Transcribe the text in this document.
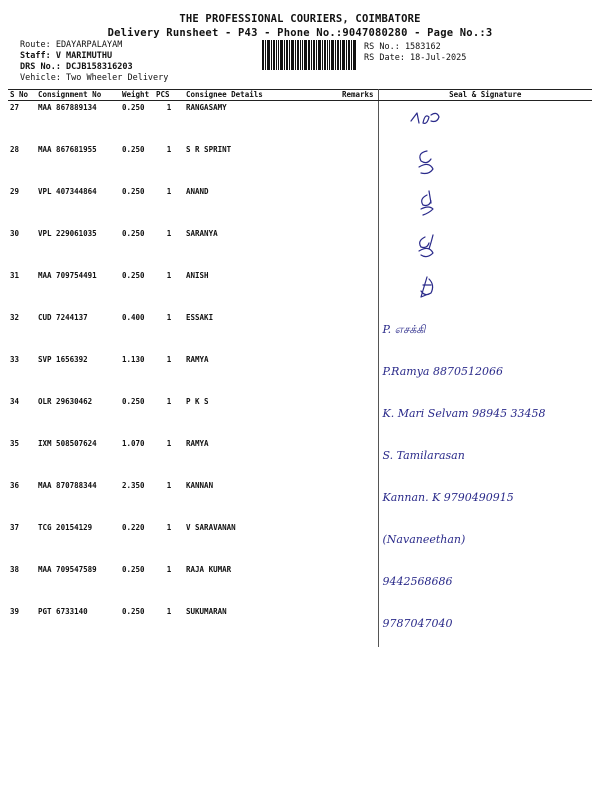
THE PROFESSIONAL COURIERS, COIMBATORE
Delivery Runsheet - P43 - Phone No.:9047080280 - Page No.:3
Route: EDAYARPALAYAM
Staff: V MARIMUTHU
DRS No.: DCJB158316203
Vehicle: Two Wheeler Delivery
RS No.: 1583162
RS Date: 18-Jul-2025
S No	Consignment No	Weight	PCS	Consignee Details	Remarks	Seal & Signature
27	MAA 867889134	0.250	1	RANGASAMY		

28	MAA 867681955	0.250	1	S R SPRINT		

29	VPL 407344864	0.250	1	ANAND		

30	VPL 229061035	0.250	1	SARANYA		

31	MAA 709754491	0.250	1	ANISH		

32	CUD 7244137	0.400	1	ESSAKI		P. எசக்கி

33	SVP 1656392	1.130	1	RAMYA		P.Ramya 8870512066

34	OLR 29630462	0.250	1	P K S		K. Mari Selvam 98945 33458

35	IXM 508507624	1.070	1	RAMYA		S. Tamilarasan

36	MAA 870788344	2.350	1	KANNAN		Kannan. K 9790490915

37	TCG 20154129	0.220	1	V SARAVANAN		(Navaneethan)

38	MAA 709547589	0.250	1	RAJA KUMAR		9442568686

39	PGT 6733140	0.250	1	SUKUMARAN		9787047040
